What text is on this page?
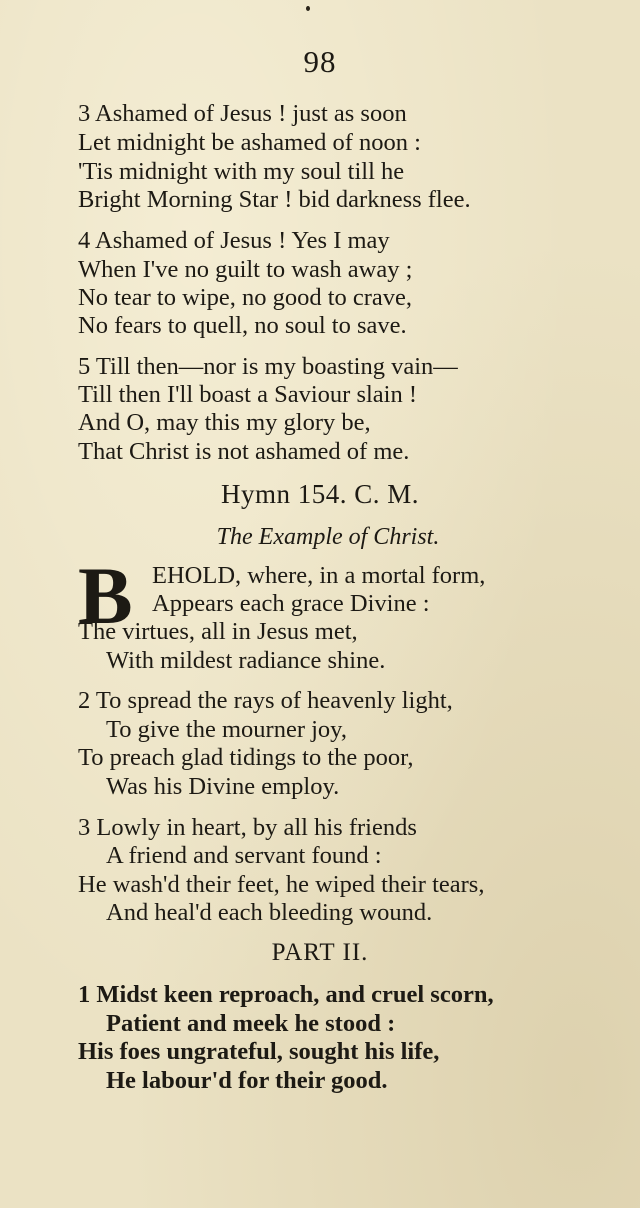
98
3 Ashamed of Jesus ! just as soon
Let midnight be ashamed of noon :
'Tis midnight with my soul till he
Bright Morning Star ! bid darkness flee.
4 Ashamed of Jesus ! Yes I may
When I've no guilt to wash away ;
No tear to wipe, no good to crave,
No fears to quell, no soul to save.
5 Till then—nor is my boasting vain—
Till then I'll boast a Saviour slain !
And O, may this my glory be,
That Christ is not ashamed of me.
Hymn 154. C. M.
The Example of Christ.
B EHOLD, where, in a mortal form,
Appears each grace Divine :
The virtues, all in Jesus met,
With mildest radiance shine.
2 To spread the rays of heavenly light,
To give the mourner joy,
To preach glad tidings to the poor,
Was his Divine employ.
3 Lowly in heart, by all his friends
A friend and servant found :
He wash'd their feet, he wiped their tears,
And heal'd each bleeding wound.
PART II.
1 Midst keen reproach, and cruel scorn,
Patient and meek he stood :
His foes ungrateful, sought his life,
He labour'd for their good.
